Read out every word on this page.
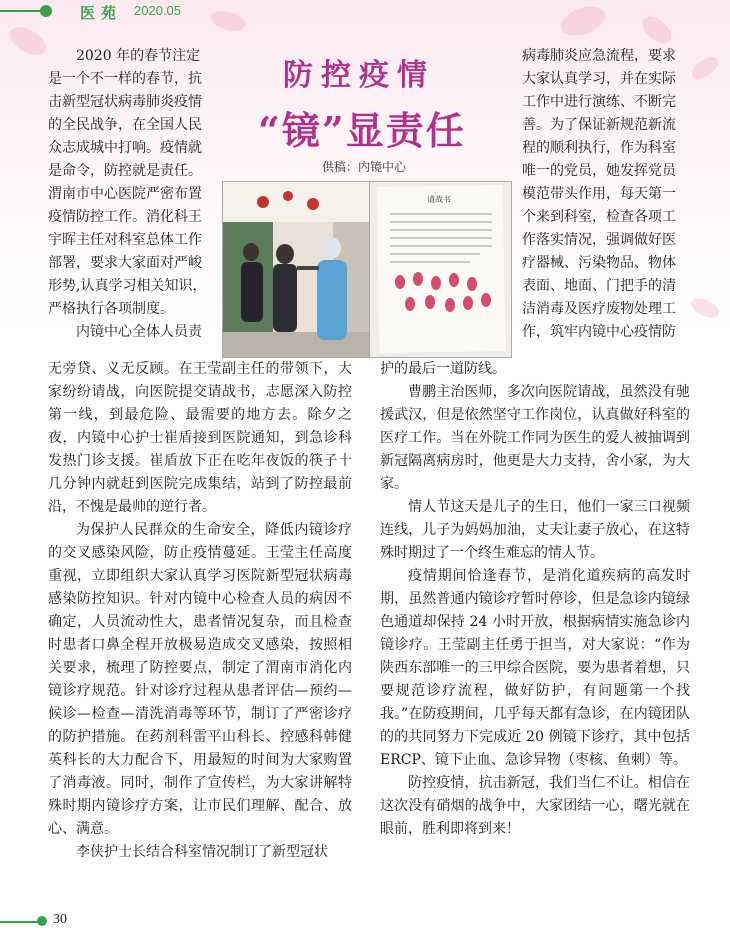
医苑 2020.05
防控疫情
“镜”显责任
供稿：内镜中心
请战书
2020 年的春节注定
是一个不一样的春节，抗
击新型冠状病毒肺炎疫情
的全民战争，在全国人民
众志成城中打响。疫情就
是命令，防控就是责任。
渭南市中心医院严密布置
疫情防控工作。消化科王
宇晖主任对科室总体工作
部署，要求大家面对严峻
形势,认真学习相关知识，
严格执行各项制度。
内镜中心全体人员责
病毒肺炎应急流程，要求
大家认真学习，并在实际
工作中进行演练、不断完
善。为了保证新规范新流
程的顺利执行，作为科室
唯一的党员，她发挥党员
模范带头作用，每天第一
个来到科室，检查各项工
作落实情况，强调做好医
疗器械、污染物品、物体
表面、地面、门把手的清
洁消毒及医疗废物处理工
作，筑牢内镜中心疫情防

无旁贷、义无反顾。在王莹副主任的带领下，大家纷纷请战，向医院提交请战书，志愿深入防控第一线，到最危险、最需要的地方去。除夕之夜，内镜中心护士崔盾接到医院通知，到急诊科发热门诊支援。崔盾放下正在吃年夜饭的筷子十几分钟内就赶到医院完成集结，站到了防控最前沿，不愧是最帅的逆行者。

为保护人民群众的生命安全，降低内镜诊疗的交叉感染风险，防止疫情蔓延。王莹主任高度重视，立即组织大家认真学习医院新型冠状病毒感染防控知识。针对内镜中心检查人员的病因不确定，人员流动性大，患者情况复杂，而且检查时患者口鼻全程开放极易造成交叉感染，按照相关要求，梳理了防控要点，制定了渭南市消化内镜诊疗规范。针对诊疗过程从患者评估—预约—候诊—检查—清洗消毒等环节，制订了严密诊疗的防护措施。在药剂科雷平山科长、控感科韩健英科长的大力配合下，用最短的时间为大家购置了消毒液。同时，制作了宣传栏，为大家讲解特殊时期内镜诊疗方案，让市民们理解、配合、放心、满意。

李侠护士长结合科室情况制订了新型冠状

护的最后一道防线。

曹鹏主治医师，多次向医院请战，虽然没有驰援武汉，但是依然坚守工作岗位，认真做好科室的医疗工作。当在外院工作同为医生的爱人被抽调到新冠隔离病房时，他更是大力支持，舍小家，为大家。

情人节这天是儿子的生日，他们一家三口视频连线，儿子为妈妈加油，丈夫让妻子放心，在这特殊时期过了一个终生难忘的情人节。

疫情期间恰逢春节，是消化道疾病的高发时期，虽然普通内镜诊疗暂时停诊，但是急诊内镜绿色通道却保持 24 小时开放，根据病情实施急诊内镜诊疗。王莹副主任勇于担当，对大家说：“作为陕西东部唯一的三甲综合医院，要为患者着想，只要规范诊疗流程，做好防护，有问题第一个找我。”在防疫期间，几乎每天都有急诊，在内镜团队的的共同努力下完成近 20 例镜下诊疗，其中包括 ERCP、镜下止血、急诊异物（枣核、鱼刺）等。

防控疫情，抗击新冠，我们当仁不让。相信在这次没有硝烟的战争中，大家团结一心，曙光就在眼前，胜利即将到来！

30
